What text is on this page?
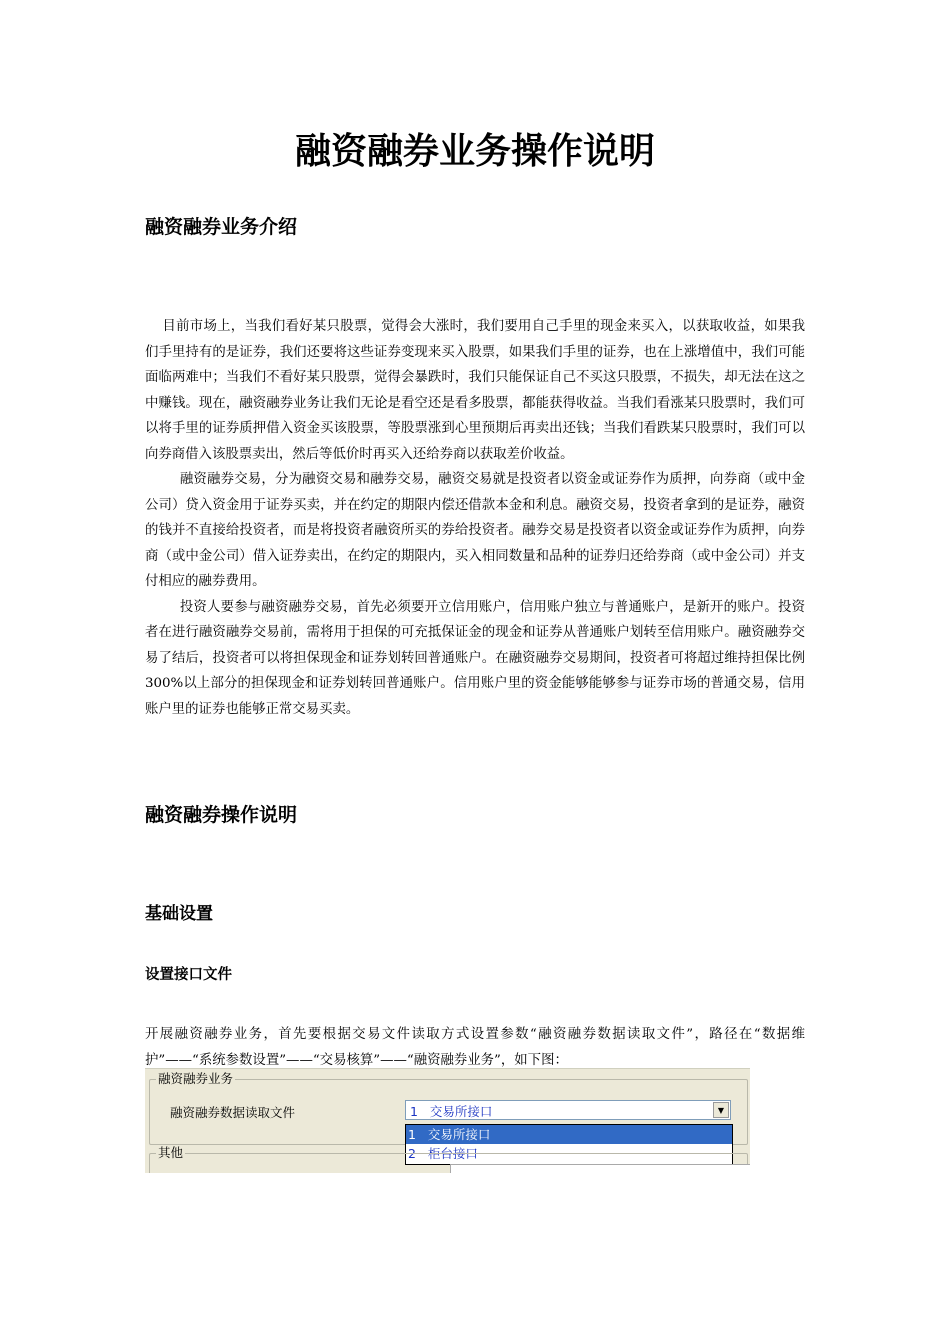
融资融券业务操作说明
融资融券业务介绍

目前市场上，当我们看好某只股票，觉得会大涨时，我们要用自己手里的现金来买入，以获取收益，如果我们手里持有的是证券，我们还要将这些证券变现来买入股票，如果我们手里的证券，也在上涨增值中，我们可能面临两难中；当我们不看好某只股票，觉得会暴跌时，我们只能保证自己不买这只股票，不损失，却无法在这之中赚钱。现在，融资融券业务让我们无论是看空还是看多股票，都能获得收益。当我们看涨某只股票时，我们可以将手里的证券质押借入资金买该股票，等股票涨到心里预期后再卖出还钱；当我们看跌某只股票时，我们可以向券商借入该股票卖出，然后等低价时再买入还给券商以获取差价收益。

融资融券交易，分为融资交易和融券交易，融资交易就是投资者以资金或证券作为质押，向券商（或中金公司）贷入资金用于证券买卖，并在约定的期限内偿还借款本金和利息。融资交易，投资者拿到的是证券，融资的钱并不直接给投资者，而是将投资者融资所买的券给投资者。融券交易是投资者以资金或证券作为质押，向券商（或中金公司）借入证券卖出，在约定的期限内，买入相同数量和品种的证券归还给券商（或中金公司）并支付相应的融券费用。

投资人要参与融资融券交易，首先必须要开立信用账户，信用账户独立与普通账户，是新开的账户。投资者在进行融资融券交易前，需将用于担保的可充抵保证金的现金和证券从普通账户划转至信用账户。融资融券交易了结后，投资者可以将担保现金和证券划转回普通账户。在融资融券交易期间，投资者可将超过维持担保比例300%以上部分的担保现金和证券划转回普通账户。信用账户里的资金能够能够参与证券市场的普通交易，信用账户里的证券也能够正常交易买卖。

融资融券操作说明
基础设置
设置接口文件

开展融资融券业务，首先要根据交易文件读取方式设置参数“融资融券数据读取文件”，路径在“数据维护”——“系统参数设置”——“交易核算”——“融资融券业务”，如下图：

融资融券业务
融资融券数据读取文件	1   交易所接口	▼
1   交易所接口
2   柜台接口
其他
